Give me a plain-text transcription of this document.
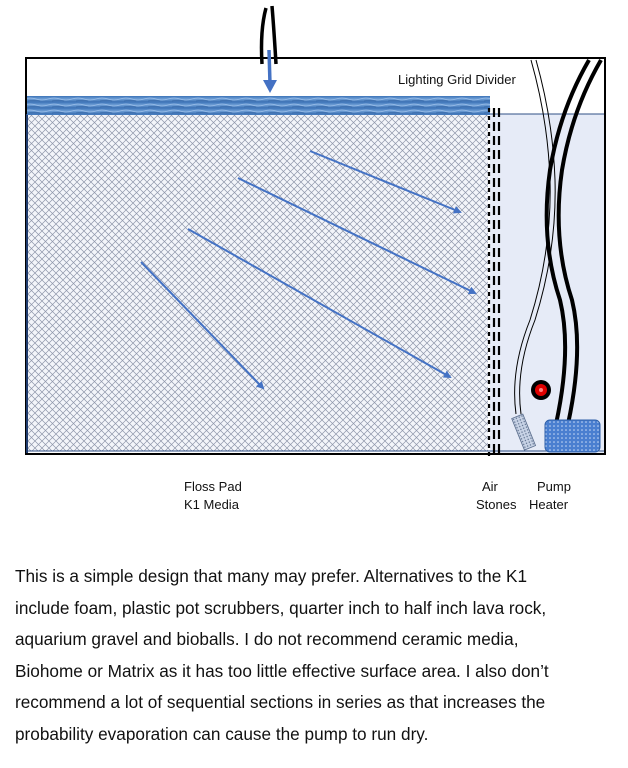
Lighting Grid Divider
Floss Pad
K1 Media
Air
Stones
Pump
Heater
This is a simple design that many may prefer. Alternatives to the K1
include foam, plastic pot scrubbers, quarter inch to half inch lava rock,
aquarium gravel and bioballs. I do not recommend ceramic media,
Biohome or Matrix as it has too little effective surface area. I also don’t
recommend a lot of sequential sections in series as that increases the
probability evaporation can cause the pump to run dry.
